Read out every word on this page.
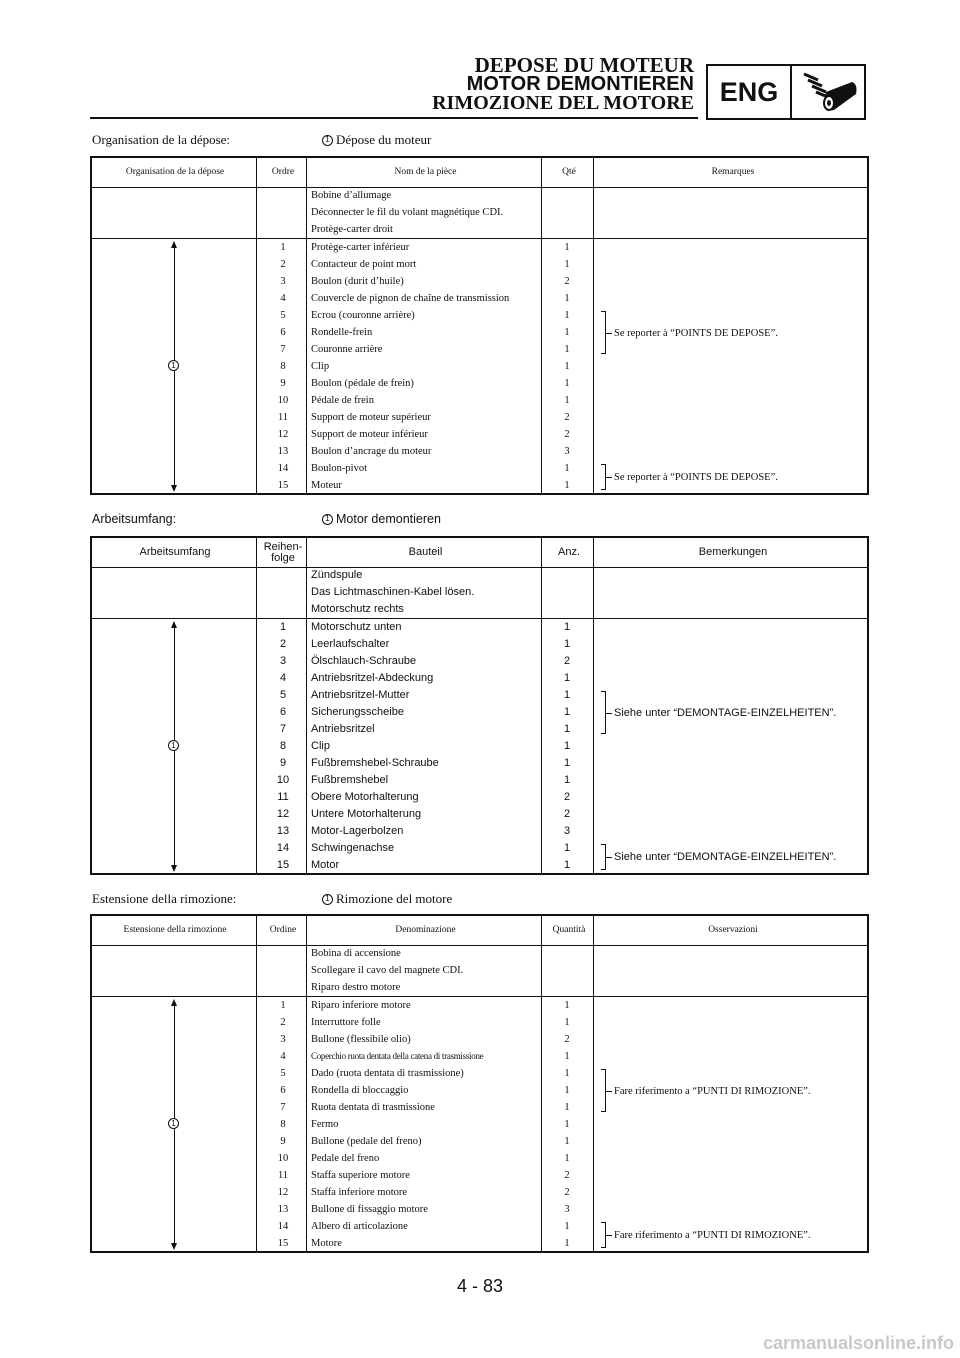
DEPOSE DU MOTEUR
MOTOR DEMONTIEREN
RIMOZIONE DEL MOTORE ENG
Organisation de la dépose:	1 Dépose du moteur
Organisation de la dépose	Ordre	Nom de la pièce	Qté	Remarques
Bobine d’allumage
Déconnecter le fil du volant magnétique CDI.
Protège-carter droit
1	Protège-carter inférieur	1
2	Contacteur de point mort	1
3	Boulon (durit d’huile)	2
4	Couvercle de pignon de chaîne de transmission	1
5	Ecrou (couronne arrière)	1
6	Rondelle-frein	1
7	Couronne arrière	1
8	Clip	1
9	Boulon (pédale de frein)	1
10	Pédale de frein	1
11	Support de moteur supérieur	2
12	Support de moteur inférieur	2
13	Boulon d’ancrage du moteur	3
14	Boulon-pivot	1
15	Moteur	1
1
Se reporter à “POINTS DE DEPOSE”.
Se reporter à “POINTS DE DEPOSE”.
Arbeitsumfang:	1 Motor demontieren
Arbeitsumfang	Reihen-
folge	Bauteil	Anz.	Bemerkungen
Zündspule
Das Lichtmaschinen-Kabel lösen.
Motorschutz rechts
1	Motorschutz unten	1
2	Leerlaufschalter	1
3	Ölschlauch-Schraube	2
4	Antriebsritzel-Abdeckung	1
5	Antriebsritzel-Mutter	1
6	Sicherungsscheibe	1
7	Antriebsritzel	1
8	Clip	1
9	Fußbremshebel-Schraube	1
10	Fußbremshebel	1
11	Obere Motorhalterung	2
12	Untere Motorhalterung	2
13	Motor-Lagerbolzen	3
14	Schwingenachse	1
15	Motor	1
1
Siehe unter “DEMONTAGE-EINZELHEITEN”.
Siehe unter “DEMONTAGE-EINZELHEITEN”.
Estensione della rimozione:	1 Rimozione del motore
Estensione della rimozione	Ordine	Denominazione	Quantità	Osservazioni
Bobina di accensione
Scollegare il cavo del magnete CDI.
Riparo destro motore
1	Riparo inferiore motore	1
2	Interruttore folle	1
3	Bullone (flessibile olio)	2
4	Coperchio ruota dentata della catena di trasmissione	1
5	Dado (ruota dentata di trasmissione)	1
6	Rondella di bloccaggio	1
7	Ruota dentata di trasmissione	1
8	Fermo	1
9	Bullone (pedale del freno)	1
10	Pedale del freno	1
11	Staffa superiore motore	2
12	Staffa inferiore motore	2
13	Bullone di fissaggio motore	3
14	Albero di articolazione	1
15	Motore	1
1
Fare riferimento a “PUNTI DI RIMOZIONE”.
Fare riferimento a “PUNTI DI RIMOZIONE”.
4 - 83
carmanualsonline.info
